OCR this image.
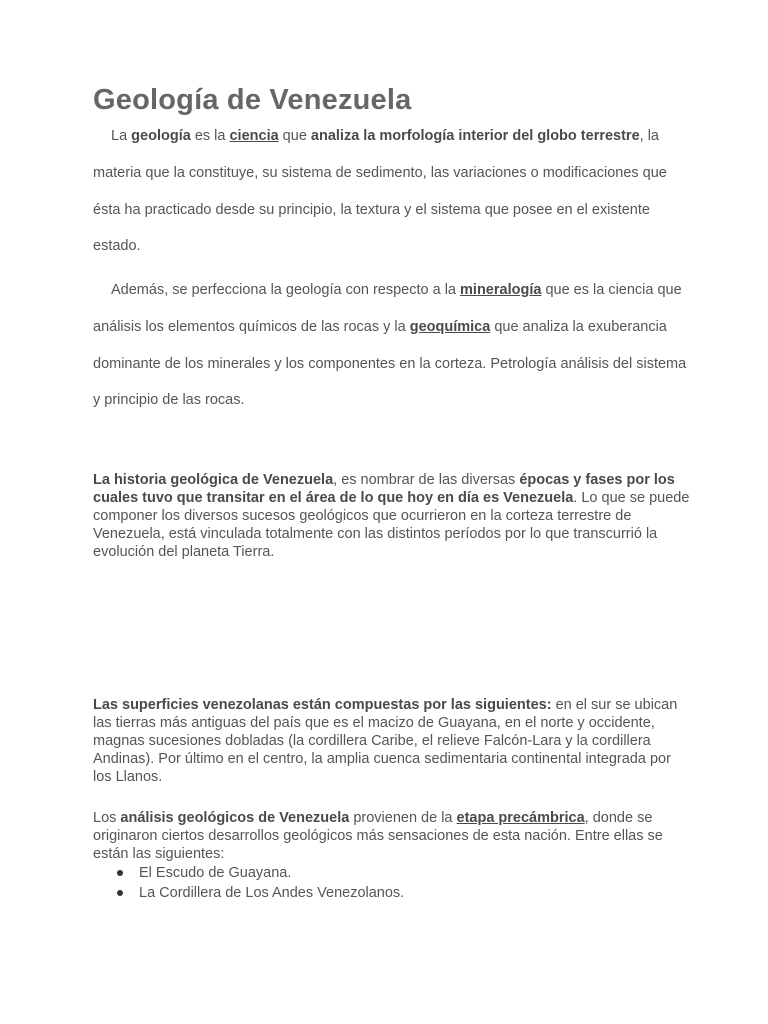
Geología de Venezuela

La geología es la ciencia que analiza la morfología interior del globo terrestre, la materia que la constituye, su sistema de sedimento, las variaciones o modificaciones que ésta ha practicado desde su principio, la textura y el sistema que posee en el existente estado.

Además, se perfecciona la geología con respecto a la mineralogía que es la ciencia que análisis los elementos químicos de las rocas y la geoquímica que analiza la exuberancia dominante de los minerales y los componentes en la corteza. Petrología análisis del sistema y principio de las rocas.

La historia geológica de Venezuela, es nombrar de las diversas épocas y fases por los cuales tuvo que transitar en el área de lo que hoy en día es Venezuela. Lo que se puede componer los diversos sucesos geológicos que ocurrieron en la corteza terrestre de Venezuela, está vinculada totalmente con las distintos períodos por lo que transcurrió la evolución del planeta Tierra.

Las superficies venezolanas están compuestas por las siguientes: en el sur se ubican las tierras más antiguas del país que es el macizo de Guayana, en el norte y occidente, magnas sucesiones dobladas (la cordillera Caribe, el relieve Falcón-Lara y la cordillera Andinas). Por último en el centro, la amplia cuenca sedimentaria continental integrada por los Llanos.

Los análisis geológicos de Venezuela provienen de la etapa precámbrica, donde se originaron ciertos desarrollos geológicos más sensaciones de esta nación. Entre ellas se están las siguientes:

El Escudo de Guayana.
La Cordillera de Los Andes Venezolanos.
